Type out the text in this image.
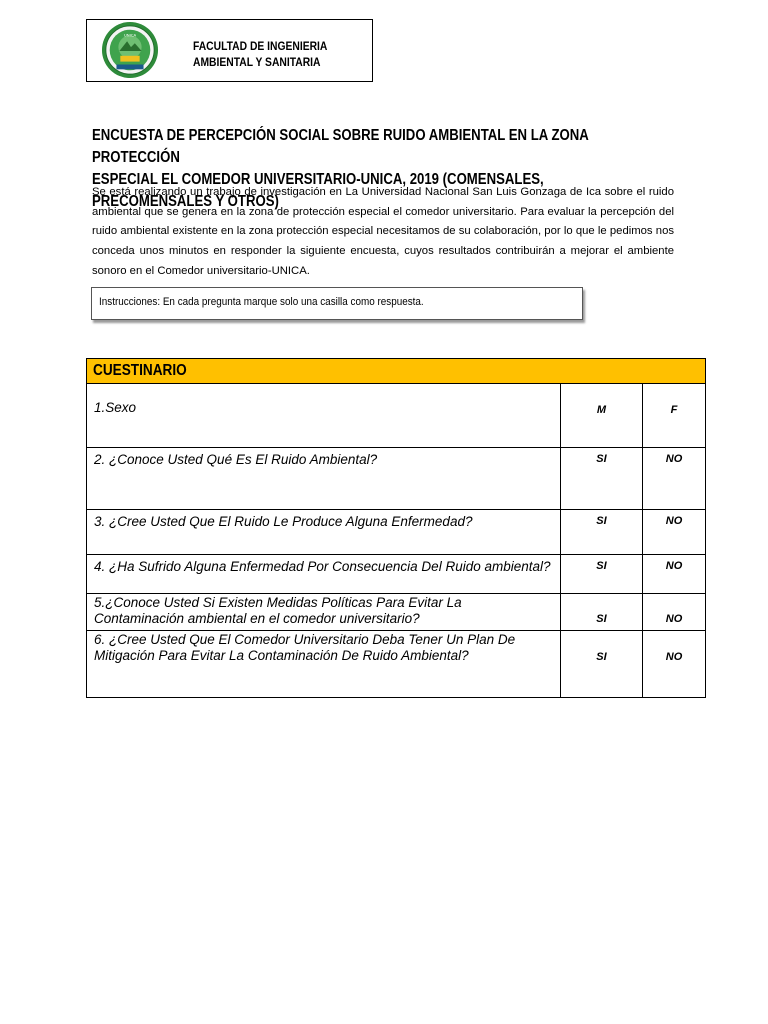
UNICA
FACULTAD DE INGENIERIA
AMBIENTAL Y SANITARIA
ENCUESTA DE PERCEPCIÓN SOCIAL SOBRE RUIDO AMBIENTAL EN LA ZONA PROTECCIÓN
ESPECIAL EL COMEDOR UNIVERSITARIO-UNICA, 2019 (COMENSALES, PRECOMENSALES Y OTROS)
Se está realizando un trabajo de investigación en La Universidad Nacional San Luis Gonzaga de Ica sobre el ruido ambiental que se genera en la zona de protección especial el comedor universitario. Para evaluar la percepción del ruido ambiental existente en la zona protección especial necesitamos de su colaboración, por lo que le pedimos nos conceda unos minutos en responder la siguiente encuesta, cuyos resultados contribuirán a mejorar el ambiente sonoro en el Comedor universitario-UNICA.
Instrucciones: En cada pregunta marque solo una casilla como respuesta.
CUESTINARIO		
1.Sexo	M	F
2. ¿Conoce Usted Qué Es El Ruido Ambiental?	SI	NO
3. ¿Cree Usted Que El Ruido Le Produce Alguna Enfermedad?	SI	NO
4. ¿Ha Sufrido Alguna Enfermedad Por Consecuencia Del Ruido ambiental?	SI	NO
5.¿Conoce Usted Si Existen Medidas Políticas Para Evitar La Contaminación ambiental en el comedor universitario?	SI	NO
6. ¿Cree Usted Que El Comedor Universitario Deba Tener Un Plan De Mitigación Para Evitar La Contaminación De Ruido Ambiental?	SI	NO
